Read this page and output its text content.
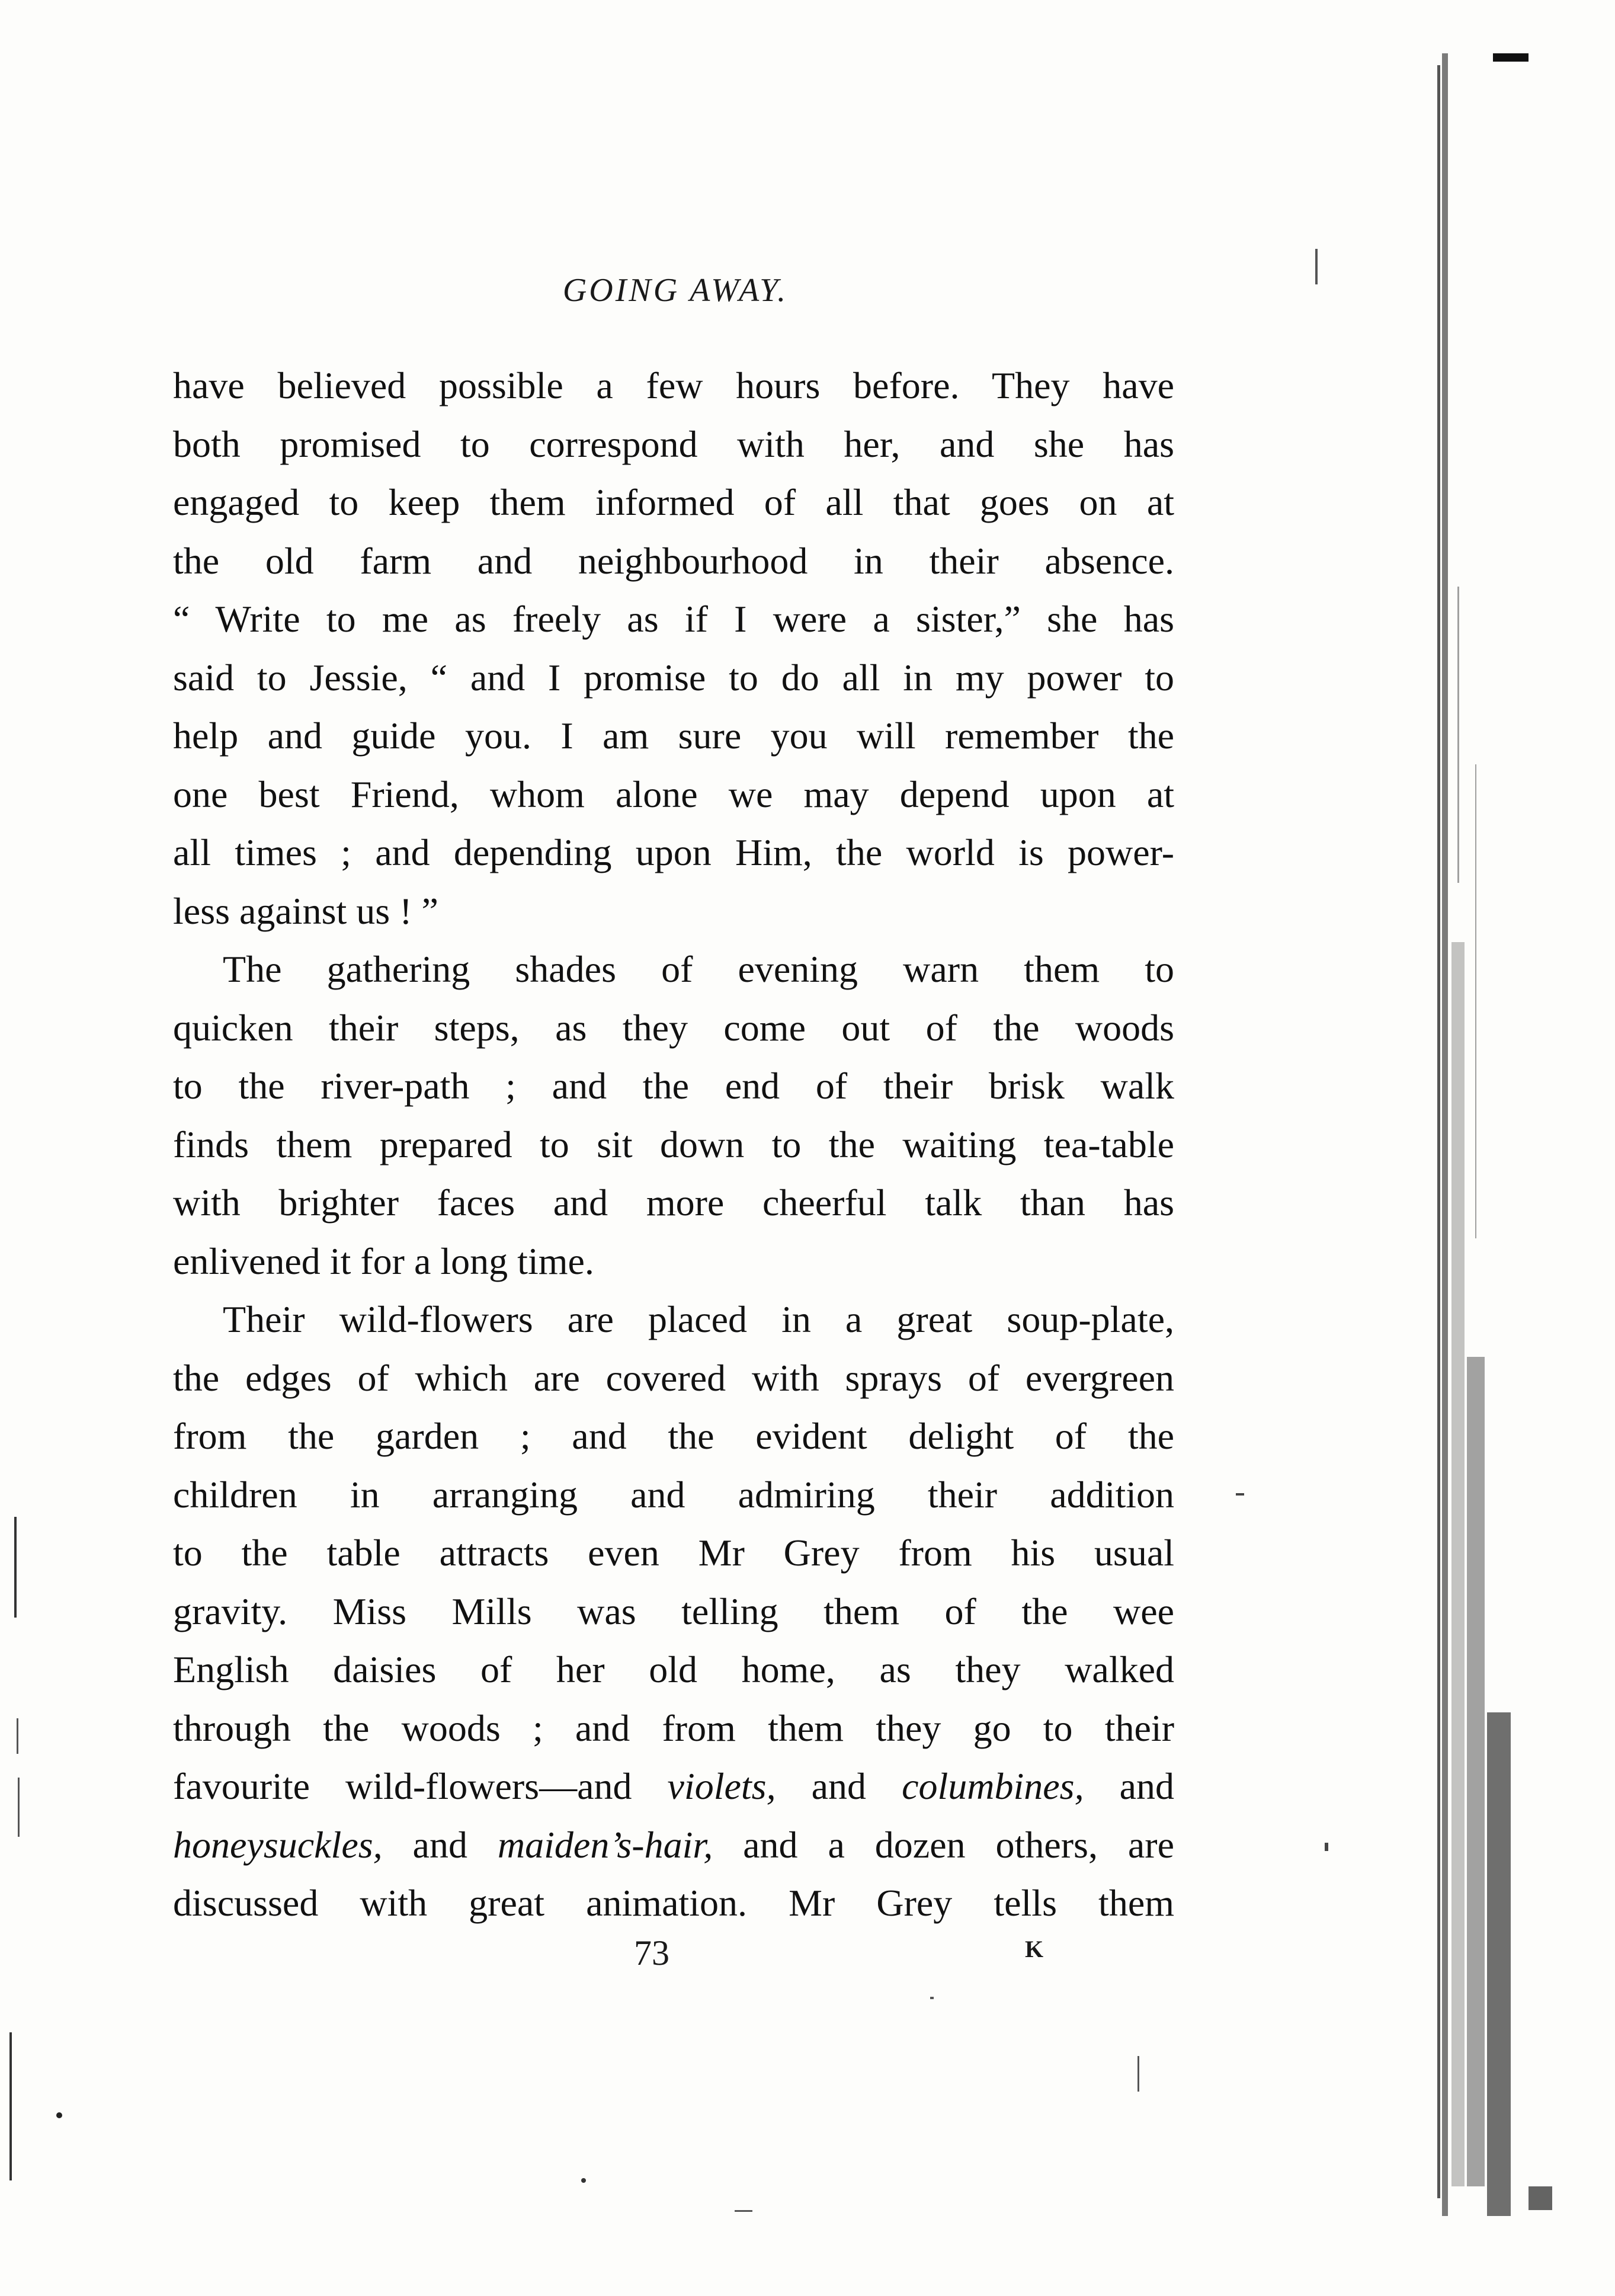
GOING AWAY.
have believed possible a few hours before. They have
both promised to correspond with her, and she has
engaged to keep them informed of all that goes on at
the old farm and neighbourhood in their absence.
“ Write to me as freely as if I were a sister,” she has
said to Jessie, “ and I promise to do all in my power to
help and guide you. I am sure you will remember the
one best Friend, whom alone we may depend upon at
all times ; and depending upon Him, the world is power-
less against us ! ”
The gathering shades of evening warn them to
quicken their steps, as they come out of the woods
to the river-path ; and the end of their brisk walk
finds them prepared to sit down to the waiting tea-table
with brighter faces and more cheerful talk than has
enlivened it for a long time.
Their wild-flowers are placed in a great soup-plate,
the edges of which are covered with sprays of evergreen
from the garden ; and the evident delight of the
children in arranging and admiring their addition
to the table attracts even Mr Grey from his usual
gravity. Miss Mills was telling them of the wee
English daisies of her old home, as they walked
through the woods ; and from them they go to their
favourite wild-flowers—and violets, and columbines, and
honeysuckles, and maiden’s-hair, and a dozen others, are
discussed with great animation. Mr Grey tells them
73	K
